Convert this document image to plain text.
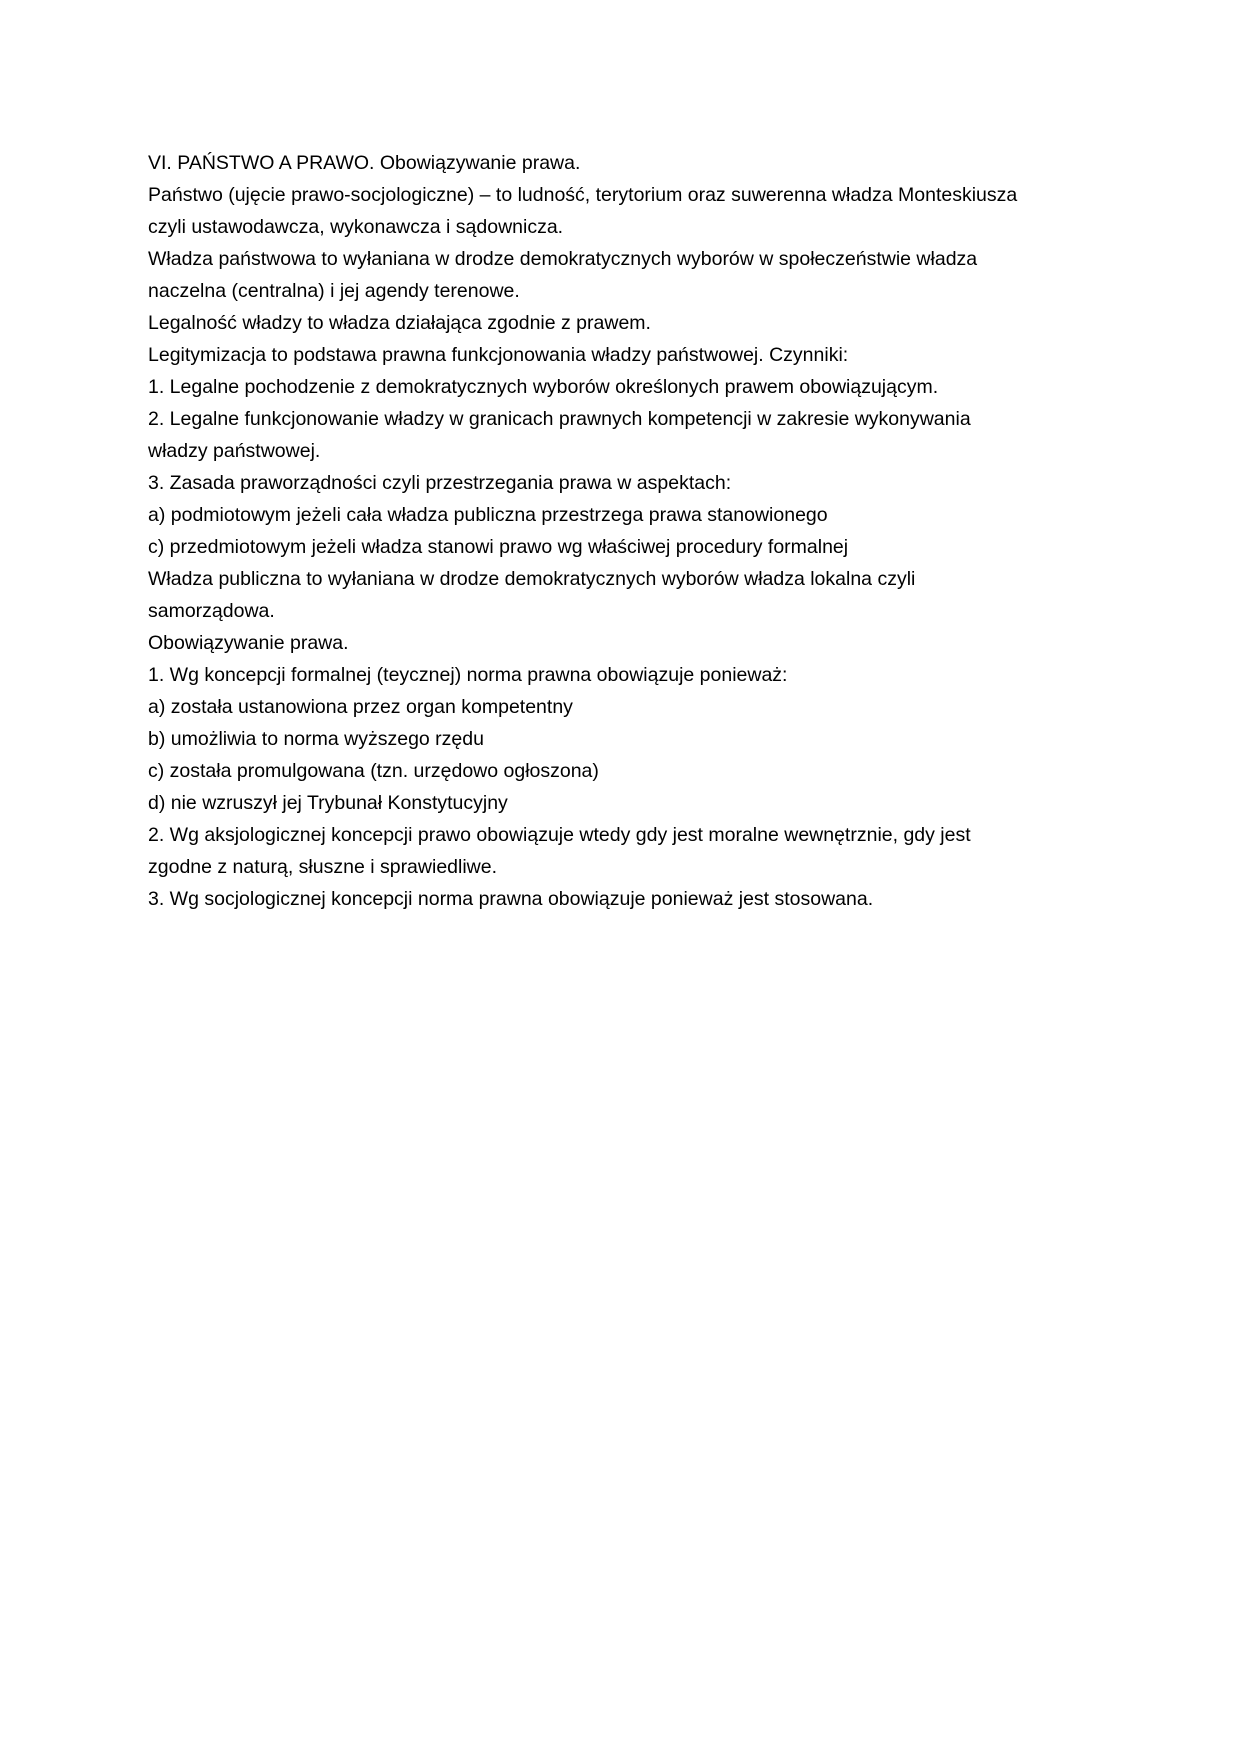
VI. PAŃSTWO A PRAWO. Obowiązywanie prawa.
Państwo (ujęcie prawo-socjologiczne) – to ludność, terytorium oraz suwerenna władza Monteskiusza
czyli ustawodawcza, wykonawcza i sądownicza.
Władza państwowa to wyłaniana w drodze demokratycznych wyborów w społeczeństwie władza
naczelna (centralna) i jej agendy terenowe.
Legalność władzy to władza działająca zgodnie z prawem.
Legitymizacja to podstawa prawna funkcjonowania władzy państwowej. Czynniki:
1. Legalne pochodzenie z demokratycznych wyborów określonych prawem obowiązującym.
2. Legalne funkcjonowanie władzy w granicach prawnych kompetencji w zakresie wykonywania
władzy państwowej.
3. Zasada praworządności czyli przestrzegania prawa w aspektach:
a) podmiotowym jeżeli cała władza publiczna przestrzega prawa stanowionego
c) przedmiotowym jeżeli władza stanowi prawo wg właściwej procedury formalnej
Władza publiczna to wyłaniana w drodze demokratycznych wyborów władza lokalna czyli
samorządowa.
Obowiązywanie prawa.
1. Wg koncepcji formalnej (teycznej) norma prawna obowiązuje ponieważ:
a) została ustanowiona przez organ kompetentny
b) umożliwia to norma wyższego rzędu
c) została promulgowana (tzn. urzędowo ogłoszona)
d) nie wzruszył jej Trybunał Konstytucyjny
2. Wg aksjologicznej koncepcji prawo obowiązuje wtedy gdy jest moralne wewnętrznie, gdy jest
zgodne z naturą, słuszne i sprawiedliwe.
3. Wg socjologicznej koncepcji norma prawna obowiązuje ponieważ jest stosowana.
